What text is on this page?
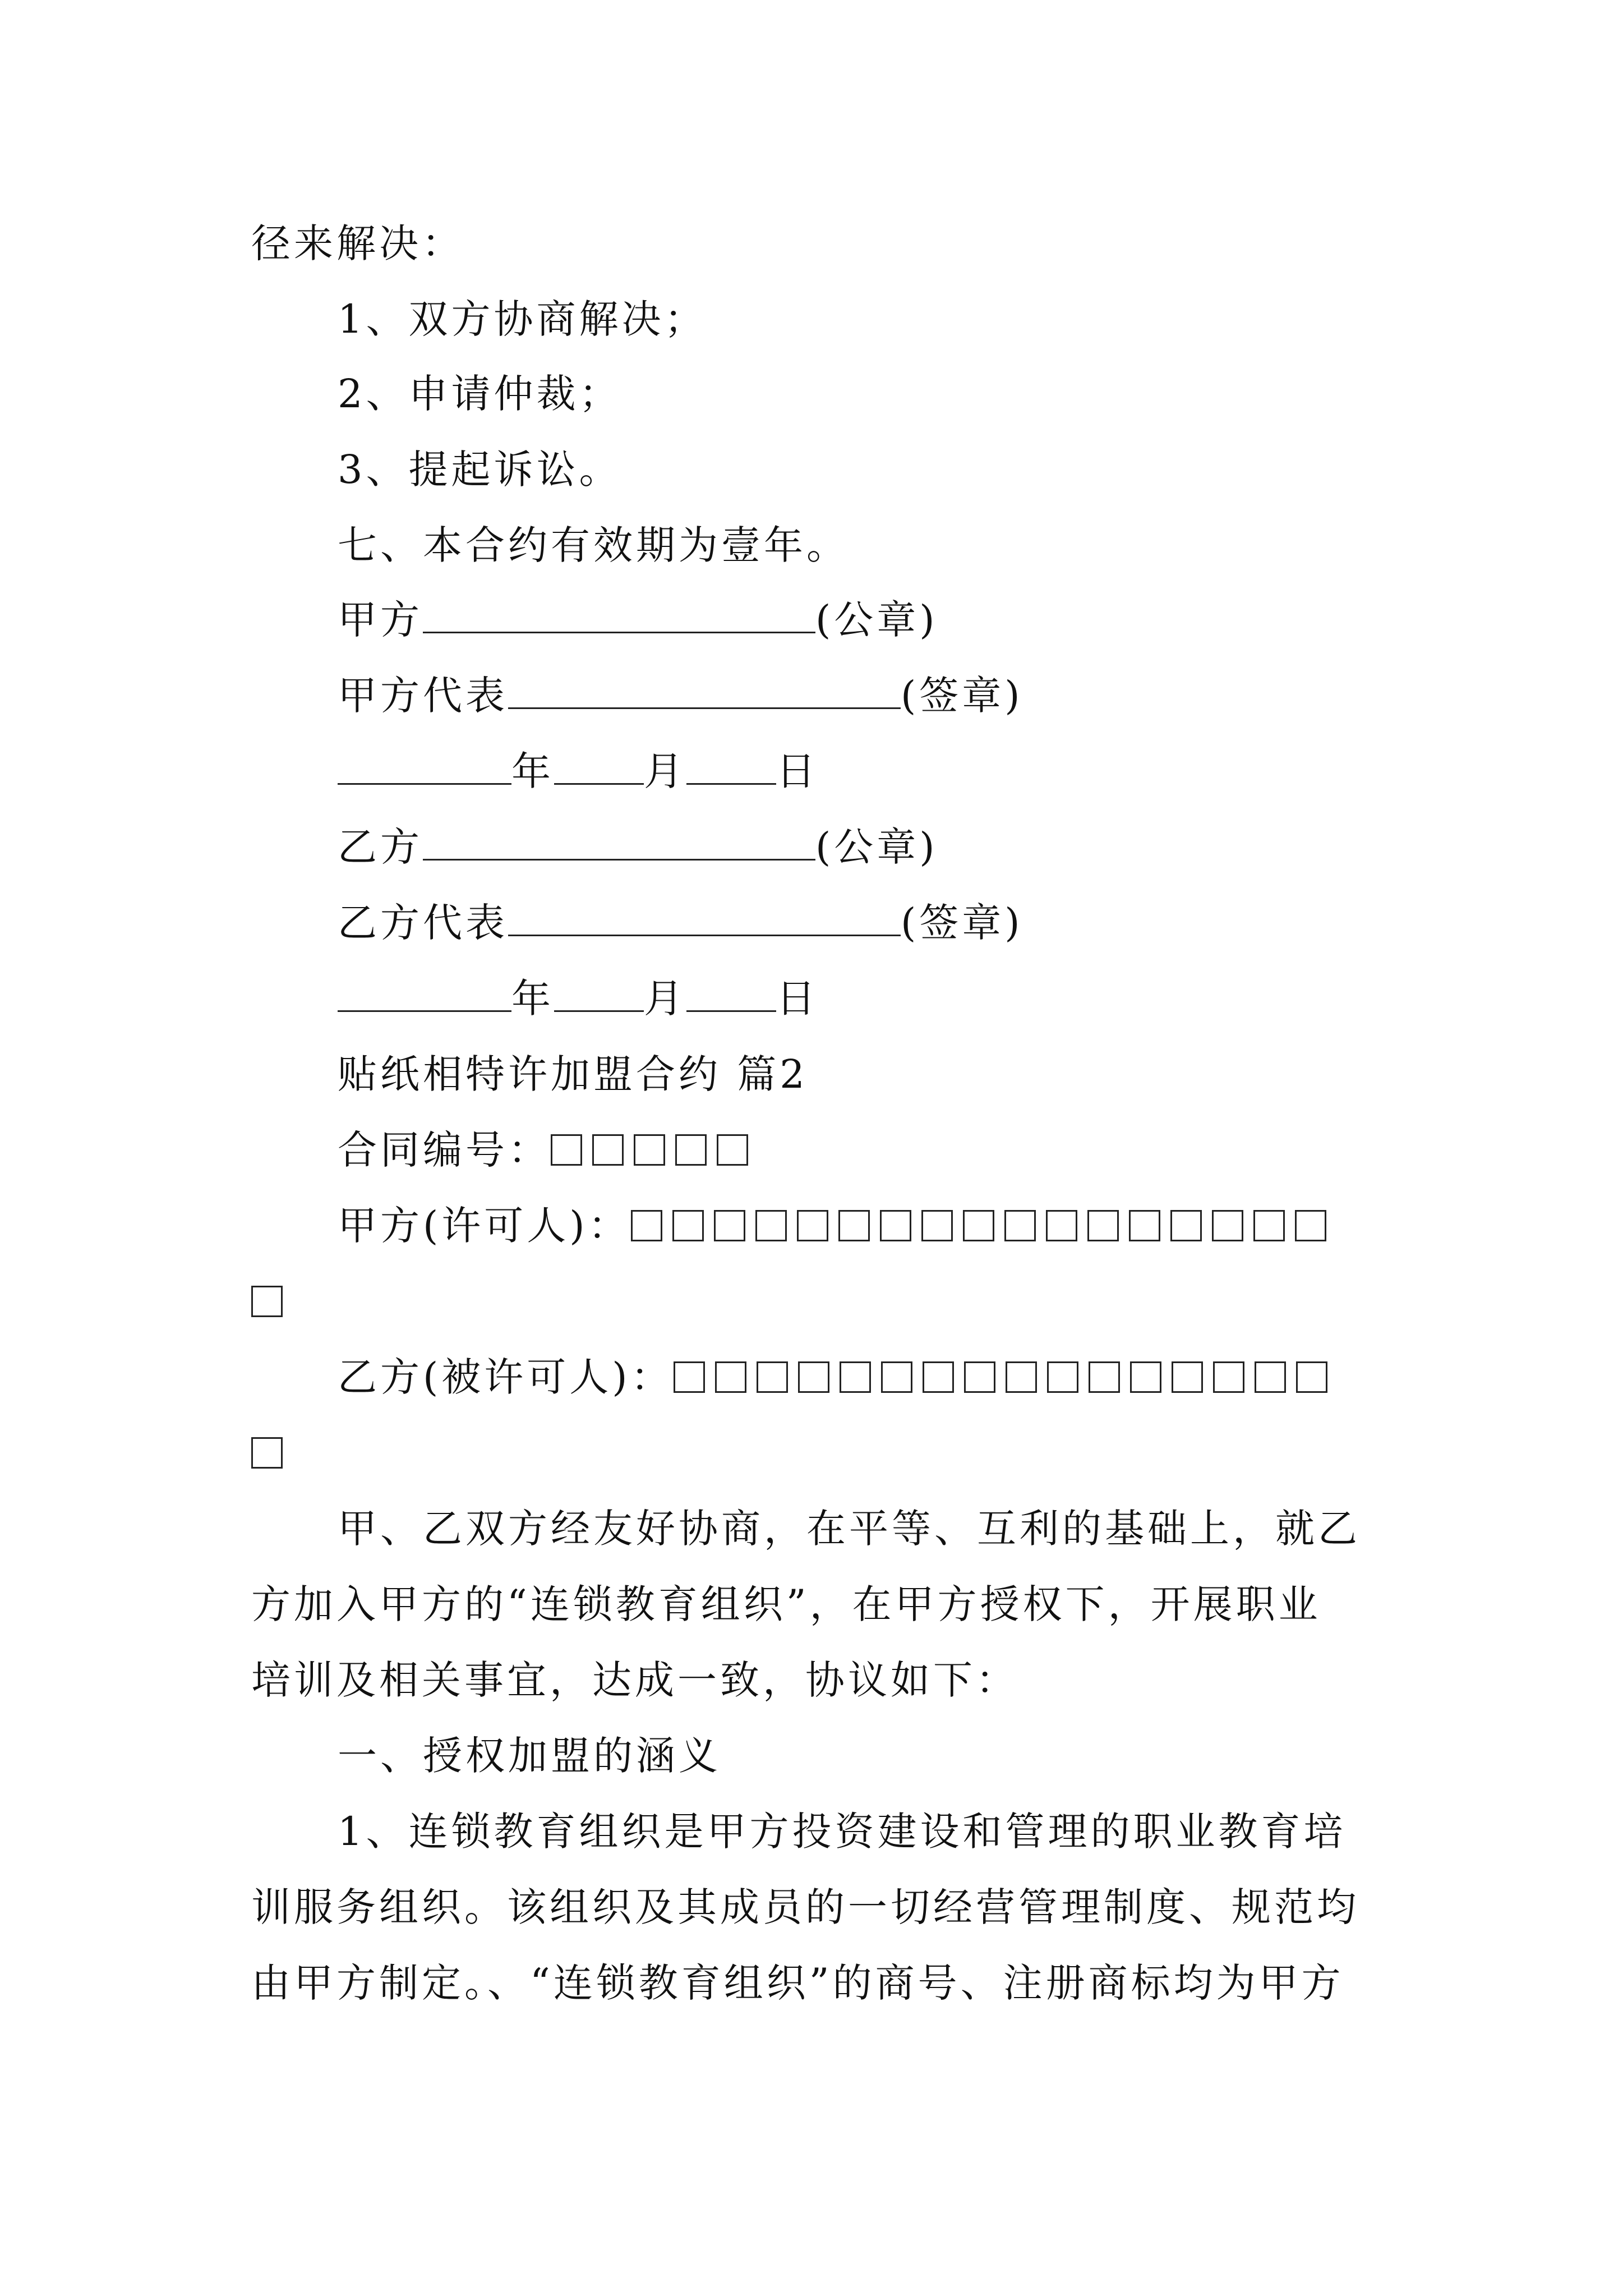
径来解决：
1、双方协商解决；
2、申请仲裁；
3、提起诉讼。
七、本合约有效期为壹年。
甲方	(公章)
甲方代表	(签章)
年 月 日
乙方	(公章)
乙方代表	(签章)
年 月 日
贴纸相特许加盟合约 篇2
合同编号：
甲方(许可人)：
乙方(被许可人)：
甲、乙双方经友好协商，在平等、互利的基础上，就乙
方加入甲方的“连锁教育组织”，在甲方授权下，开展职业
培训及相关事宜，达成一致，协议如下：
一、授权加盟的涵义
1、连锁教育组织是甲方投资建设和管理的职业教育培
训服务组织。该组织及其成员的一切经营管理制度、规范均
由甲方制定。、“连锁教育组织”的商号、注册商标均为甲方
